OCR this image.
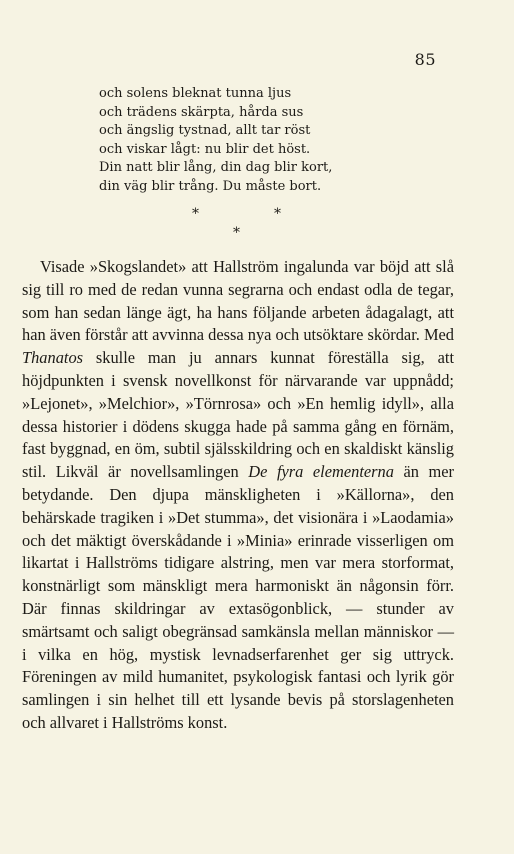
85
och solens bleknat tunna ljus
och trädens skärpta, hårda sus
och ängslig tystnad, allt tar röst
och viskar lågt: nu blir det höst.
Din natt blir lång, din dag blir kort,
din väg blir trång. Du måste bort.
*	*
*

Visade »Skogslandet» att Hallström ingalunda var böjd att slå sig till ro med de redan vunna segrarna och endast odla de tegar, som han sedan länge ägt, ha hans följande arbeten ådagalagt, att han även förstår att avvinna dessa nya och utsöktare skördar. Med Thanatos skulle man ju annars kunnat föreställa sig, att höjdpunkten i svensk novellkonst för närvarande var uppnådd; »Lejonet», »Melchior», »Törnrosa» och »En hemlig idyll», alla dessa historier i dödens skugga hade på samma gång en förnäm, fast byggnad, en öm, subtil själsskildring och en skaldiskt känslig stil. Likväl är novellsamlingen De fyra elementerna än mer betydande. Den djupa mänskligheten i »Källorna», den behärskade tragiken i »Det stumma», det visionära i »Laodamia» och det mäktigt överskådande i »Minia» erinrade visserligen om likartat i Hallströms tidigare alstring, men var mera storformat, konstnärligt som mänskligt mera harmoniskt än någonsin förr. Där finnas skildringar av extasögonblick, — stunder av smärtsamt och saligt obegränsad samkänsla mellan människor — i vilka en hög, mystisk levnadserfarenhet ger sig uttryck. Föreningen av mild humanitet, psykologisk fantasi och lyrik gör samlingen i sin helhet till ett lysande bevis på storslagenheten och allvaret i Hallströms konst.
